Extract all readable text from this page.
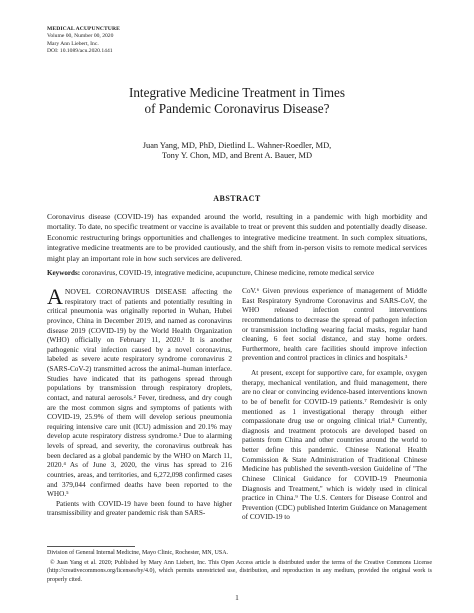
MEDICAL ACUPUNCTURE
Volume 00, Number 00, 2020
Mary Ann Liebert, Inc.
DOI: 10.1089/acu.2020.1441
Integrative Medicine Treatment in Times
of Pandemic Coronavirus Disease?
Juan Yang, MD, PhD, Dietlind L. Wahner-Roedler, MD,
Tony Y. Chon, MD, and Brent A. Bauer, MD
ABSTRACT
Coronavirus disease (COVID-19) has expanded around the world, resulting in a pandemic with high morbidity and mortality. To date, no specific treatment or vaccine is available to treat or prevent this sudden and potentially deadly disease. Economic restructuring brings opportunities and challenges to integrative medicine treatment. In such complex situations, integrative medicine treatments are to be provided cautiously, and the shift from in-person visits to remote medical services might play an important role in how such services are delivered.
Keywords: coronavirus, COVID-19, integrative medicine, acupuncture, Chinese medicine, remote medical service

ANOVEL CORONAVIRUS DISEASE affecting the respiratory tract of patients and potentially resulting in critical pneumonia was originally reported in Wuhan, Hubei province, China in December 2019, and named as coronavirus disease 2019 (COVID-19) by the World Health Organization (WHO) officially on February 11, 2020.¹ It is another pathogenic viral infection caused by a novel coronavirus, labeled as severe acute respiratory syndrome coronavirus 2 (SARS-CoV-2) transmitted across the animal–human interface. Studies have indicated that its pathogens spread through populations by transmission through respiratory droplets, contact, and natural aerosols.² Fever, tiredness, and dry cough are the most common signs and symptoms of patients with COVID-19, 25.9% of them will develop serious pneumonia requiring intensive care unit (ICU) admission and 20.1% may develop acute respiratory distress syndrome.³ Due to alarming levels of spread, and severity, the coronavirus outbreak has been declared as a global pandemic by the WHO on March 11, 2020.⁴ As of June 3, 2020, the virus has spread to 216 countries, areas, and territories, and 6,272,098 confirmed cases and 379,044 confirmed deaths have been reported to the WHO.⁵

Patients with COVID-19 have been found to have higher transmissibility and greater pandemic risk than SARS-

CoV.⁶ Given previous experience of management of Middle East Respiratory Syndrome Coronavirus and SARS-CoV, the WHO released infection control interventions recommendations to decrease the spread of pathogen infection or transmission including wearing facial masks, regular hand cleaning, 6 feet social distance, and stay home orders. Furthermore, health care facilities should improve infection prevention and control practices in clinics and hospitals.³

At present, except for supportive care, for example, oxygen therapy, mechanical ventilation, and fluid management, there are no clear or convincing evidence-based interventions known to be of benefit for COVID-19 patients.⁷ Remdesivir is only mentioned as 1 investigational therapy through either compassionate drug use or ongoing clinical trial.⁸ Currently, diagnosis and treatment protocols are developed based on patients from China and other countries around the world to better define this pandemic. Chinese National Health Commission & State Administration of Traditional Chinese Medicine has published the seventh-version Guideline of ''The Chinese Clinical Guidance for COVID-19 Pneumonia Diagnosis and Treatment,'' which is widely used in clinical practice in China.⁹ The U.S. Centers for Disease Control and Prevention (CDC) published Interim Guidance on Management of COVID-19 to

Division of General Internal Medicine, Mayo Clinic, Rochester, MN, USA.

© Juan Yang et al. 2020; Published by Mary Ann Liebert, Inc. This Open Access article is distributed under the terms of the Creative Commons License (http://creativecommons.org/licenses/by/4.0), which permits unrestricted use, distribution, and reproduction in any medium, provided the original work is properly cited.

1
